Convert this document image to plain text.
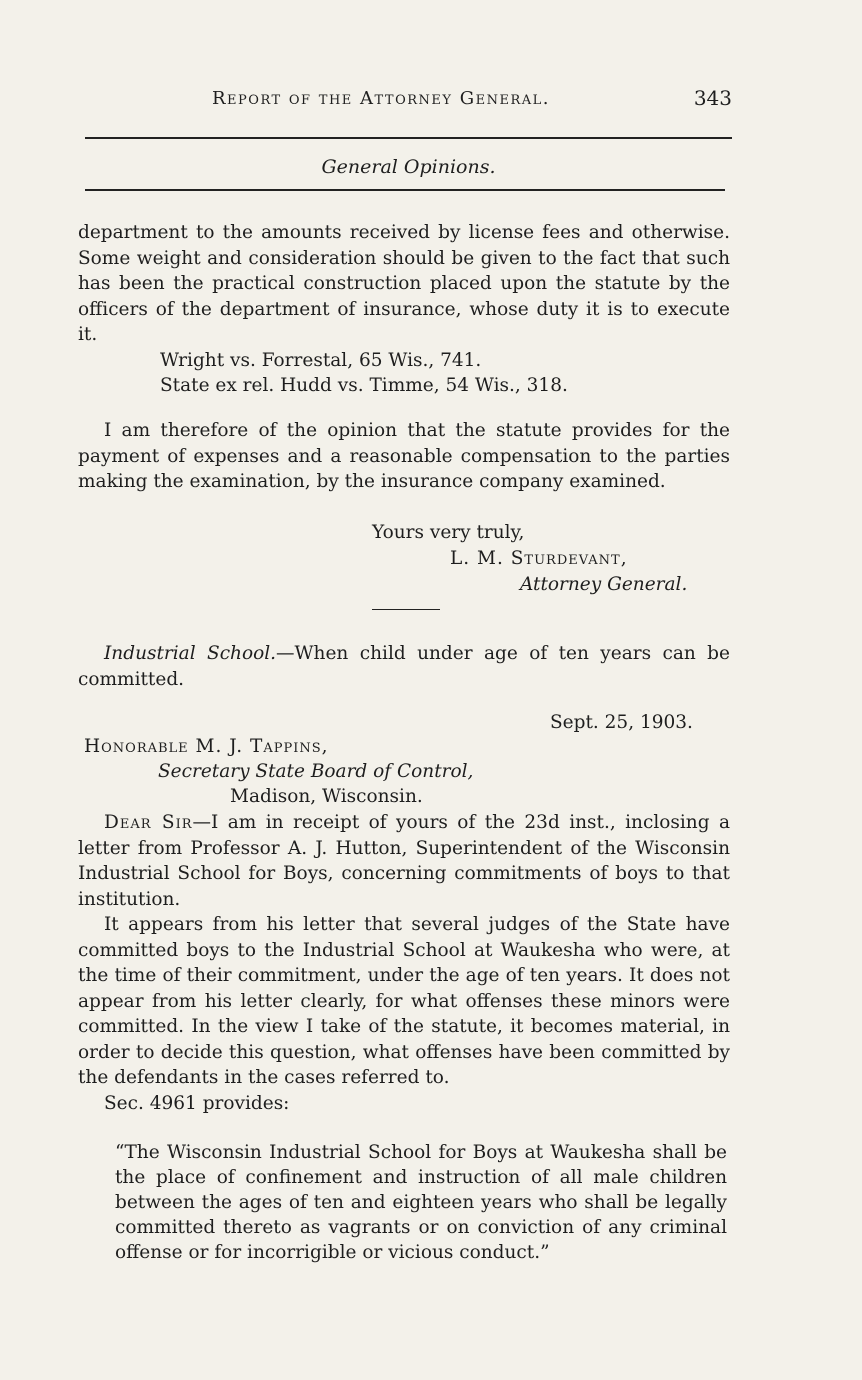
Report of the Attorney General.	343
General Opinions.

department to the amounts received by license fees and otherwise. Some weight and consideration should be given to the fact that such has been the practical construction placed upon the statute by the officers of the department of insurance, whose duty it is to execute it.

Wright vs. Forrestal, 65 Wis., 741.
State ex rel. Hudd vs. Timme, 54 Wis., 318.

I am therefore of the opinion that the statute provides for the payment of expenses and a reasonable compensation to the parties making the examination, by the insurance company examined.

Yours very truly,
L. M. Sturdevant,
Attorney General.

Industrial School.—When child under age of ten years can be committed.

Sept. 25, 1903.
Honorable M. J. Tappins,
Secretary State Board of Control,
Madison, Wisconsin.

Dear Sir—I am in receipt of yours of the 23d inst., inclosing a letter from Professor A. J. Hutton, Superintendent of the Wisconsin Industrial School for Boys, concerning commitments of boys to that institution.

It appears from his letter that several judges of the State have committed boys to the Industrial School at Waukesha who were, at the time of their commitment, under the age of ten years. It does not appear from his letter clearly, for what offenses these minors were committed. In the view I take of the statute, it becomes material, in order to decide this question, what offenses have been committed by the defendants in the cases referred to.

Sec. 4961 provides:

“The Wisconsin Industrial School for Boys at Waukesha shall be the place of confinement and instruction of all male children between the ages of ten and eighteen years who shall be legally committed thereto as vagrants or on conviction of any criminal offense or for incorrigible or vicious conduct.”
